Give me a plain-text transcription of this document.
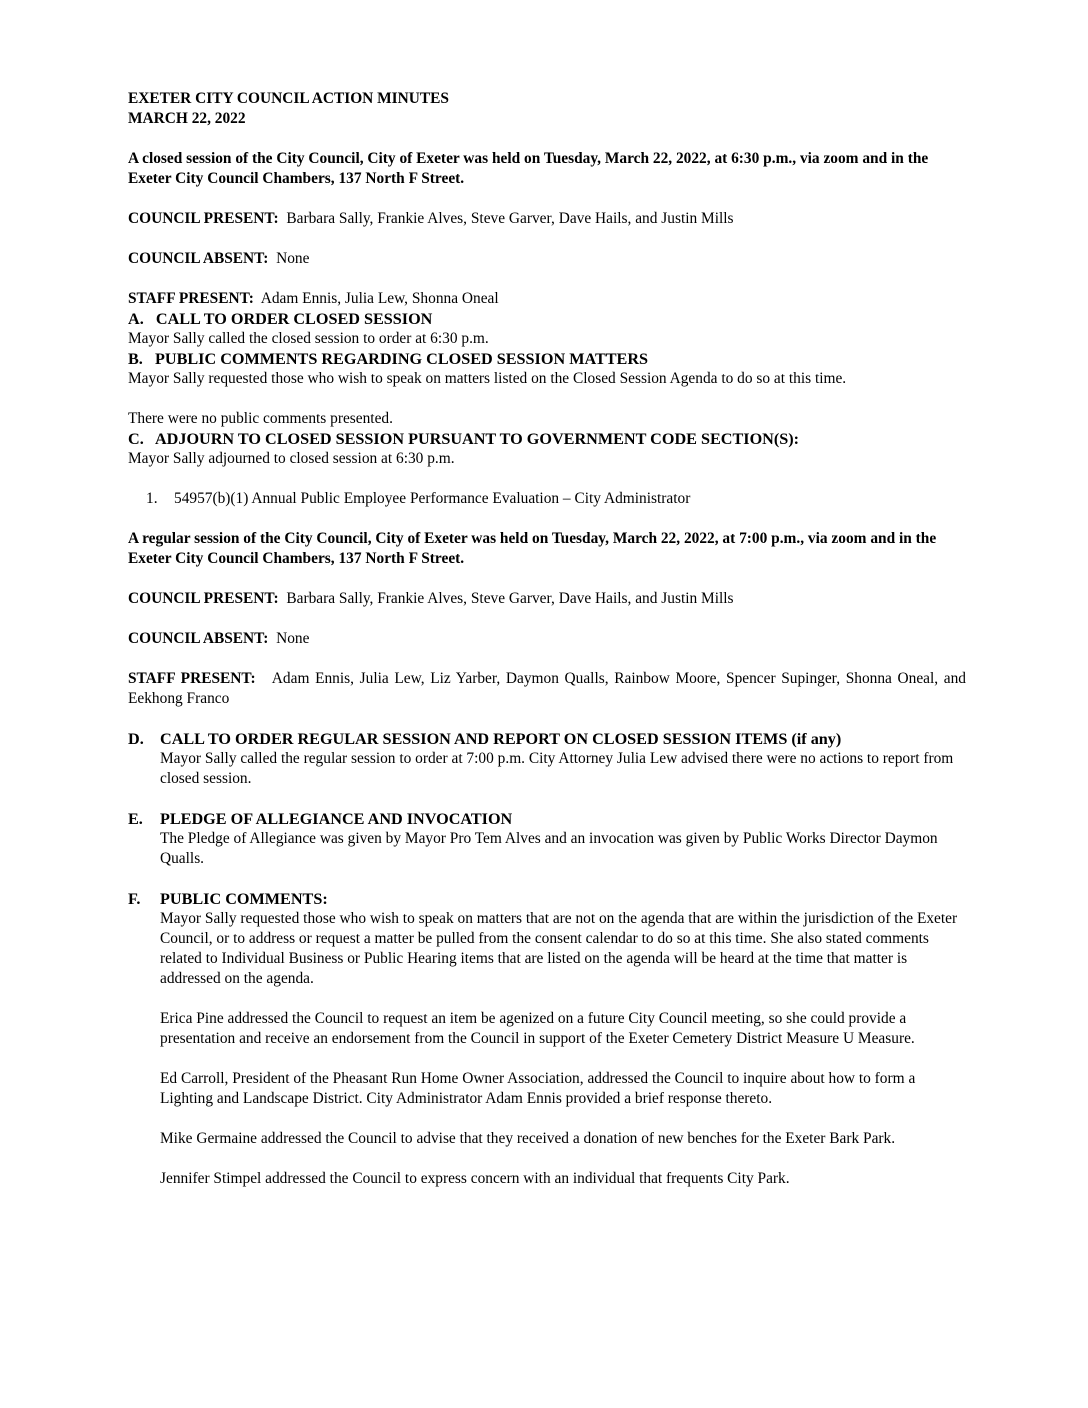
EXETER CITY COUNCIL ACTION MINUTES

MARCH 22, 2022

A closed session of the City Council, City of Exeter was held on Tuesday, March 22, 2022, at 6:30 p.m., via zoom and in the Exeter City Council Chambers, 137 North F Street.

COUNCIL PRESENT: Barbara Sally, Frankie Alves, Steve Garver, Dave Hails, and Justin Mills

COUNCIL ABSENT: None

STAFF PRESENT: Adam Ennis, Julia Lew, Shonna Oneal

A.   CALL TO ORDER CLOSED SESSION

Mayor Sally called the closed session to order at 6:30 p.m.

B.   PUBLIC COMMENTS REGARDING CLOSED SESSION MATTERS

Mayor Sally requested those who wish to speak on matters listed on the Closed Session Agenda to do so at this time.

There were no public comments presented.

C.   ADJOURN TO CLOSED SESSION PURSUANT TO GOVERNMENT CODE SECTION(S):

Mayor Sally adjourned to closed session at 6:30 p.m.

1.	54957(b)(1) Annual Public Employee Performance Evaluation – City Administrator

A regular session of the City Council, City of Exeter was held on Tuesday, March 22, 2022, at 7:00 p.m., via zoom and in the Exeter City Council Chambers, 137 North F Street.

COUNCIL PRESENT: Barbara Sally, Frankie Alves, Steve Garver, Dave Hails, and Justin Mills

COUNCIL ABSENT: None

STAFF PRESENT: Adam Ennis, Julia Lew, Liz Yarber, Daymon Qualls, Rainbow Moore, Spencer Supinger, Shonna Oneal, and Eekhong Franco

D.	CALL TO ORDER REGULAR SESSION AND REPORT ON CLOSED SESSION ITEMS (if any)

Mayor Sally called the regular session to order at 7:00 p.m. City Attorney Julia Lew advised there were no actions to report from closed session.

E.	PLEDGE OF ALLEGIANCE AND INVOCATION

The Pledge of Allegiance was given by Mayor Pro Tem Alves and an invocation was given by Public Works Director Daymon Qualls.

F.	PUBLIC COMMENTS:

Mayor Sally requested those who wish to speak on matters that are not on the agenda that are within the jurisdiction of the Exeter Council, or to address or request a matter be pulled from the consent calendar to do so at this time. She also stated comments related to Individual Business or Public Hearing items that are listed on the agenda will be heard at the time that matter is addressed on the agenda.

Erica Pine addressed the Council to request an item be agenized on a future City Council meeting, so she could provide a presentation and receive an endorsement from the Council in support of the Exeter Cemetery District Measure U Measure.

Ed Carroll, President of the Pheasant Run Home Owner Association, addressed the Council to inquire about how to form a Lighting and Landscape District. City Administrator Adam Ennis provided a brief response thereto.

Mike Germaine addressed the Council to advise that they received a donation of new benches for the Exeter Bark Park.

Jennifer Stimpel addressed the Council to express concern with an individual that frequents City Park.
